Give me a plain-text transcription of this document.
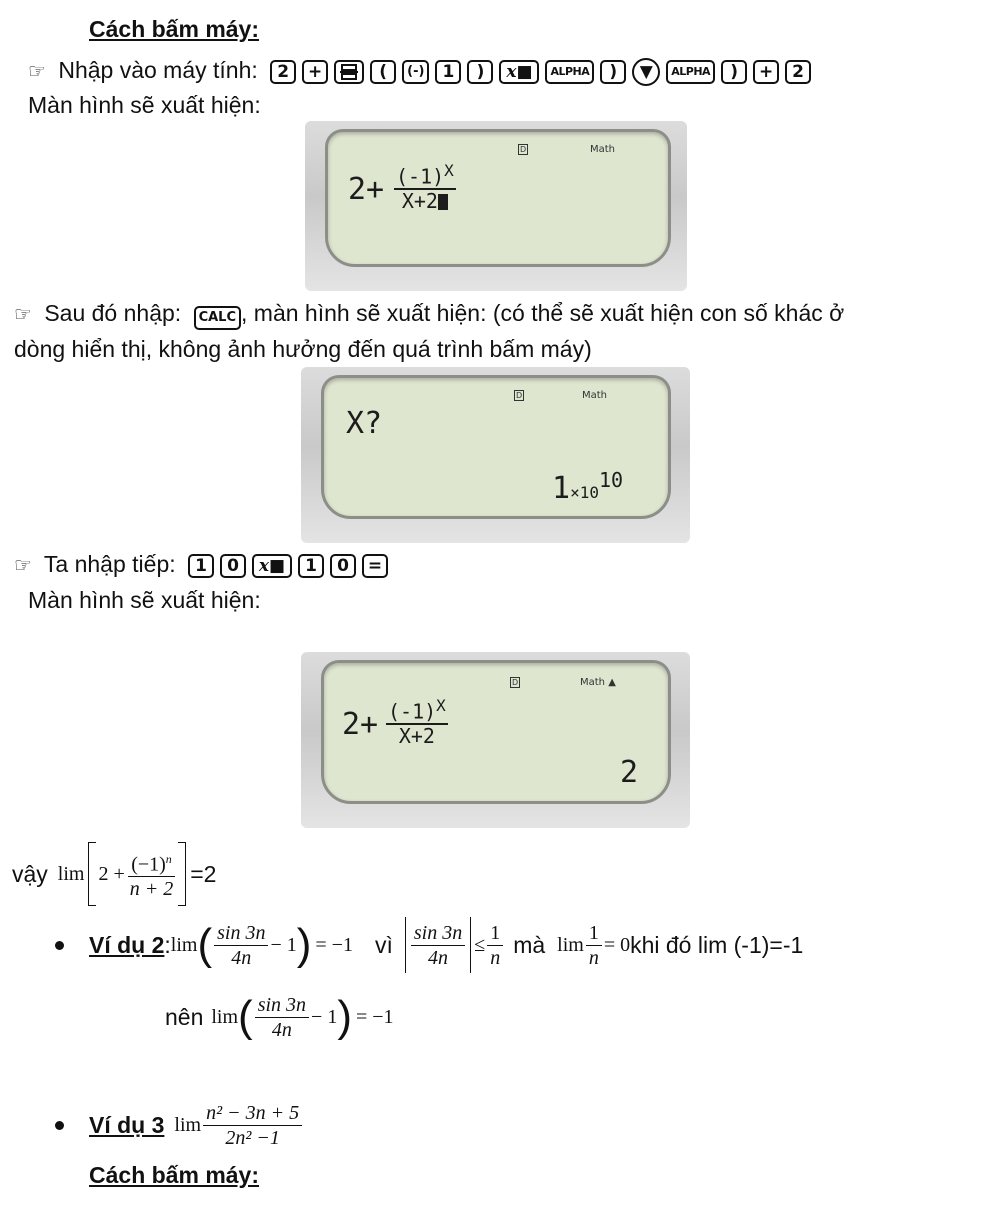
Cách bấm máy:
☞ Nhập vào máy tính:	2	+	(	(-)	1	)	x■	ALPHA	)	▼	ALPHA	)	+	2
Màn hình sẽ xuất hiện:
D	Math
$2+ \frac{(-1)^X}{X+2}$
☞ Sau đó nhập: CALC , màn hình sẽ xuất hiện: (có thể sẽ xuất hiện con số khác ở
dòng hiển thị, không ảnh hưởng đến quá trình bấm máy)
D	Math
X?
$1\times 10^{10}$
☞ Ta nhập tiếp:	1	0	x■	1	0	=
Màn hình sẽ xuất hiện:
D	Math ▲
$2+ \frac{(-1)^X}{X+2}$
2
vậy $\lim 2 + \frac{(-1)^n}{n + 2} =2$
Ví dụ 2 : lim ( $\frac{\sin 3n}{4n} - 1$ ) = −1 vì $\frac{\sin 3n}{4n} \le \frac{1}{n}$ mà $\lim \frac{1}{n} = 0$ khi đó lim (-1)=-1
nên lim ( $\frac{\sin 3n}{4n} - 1$ ) = −1
Ví dụ 3 $\lim \frac{\text{n² − 3n + 5}}{\text{2n² −1}}$
Cách bấm máy:
